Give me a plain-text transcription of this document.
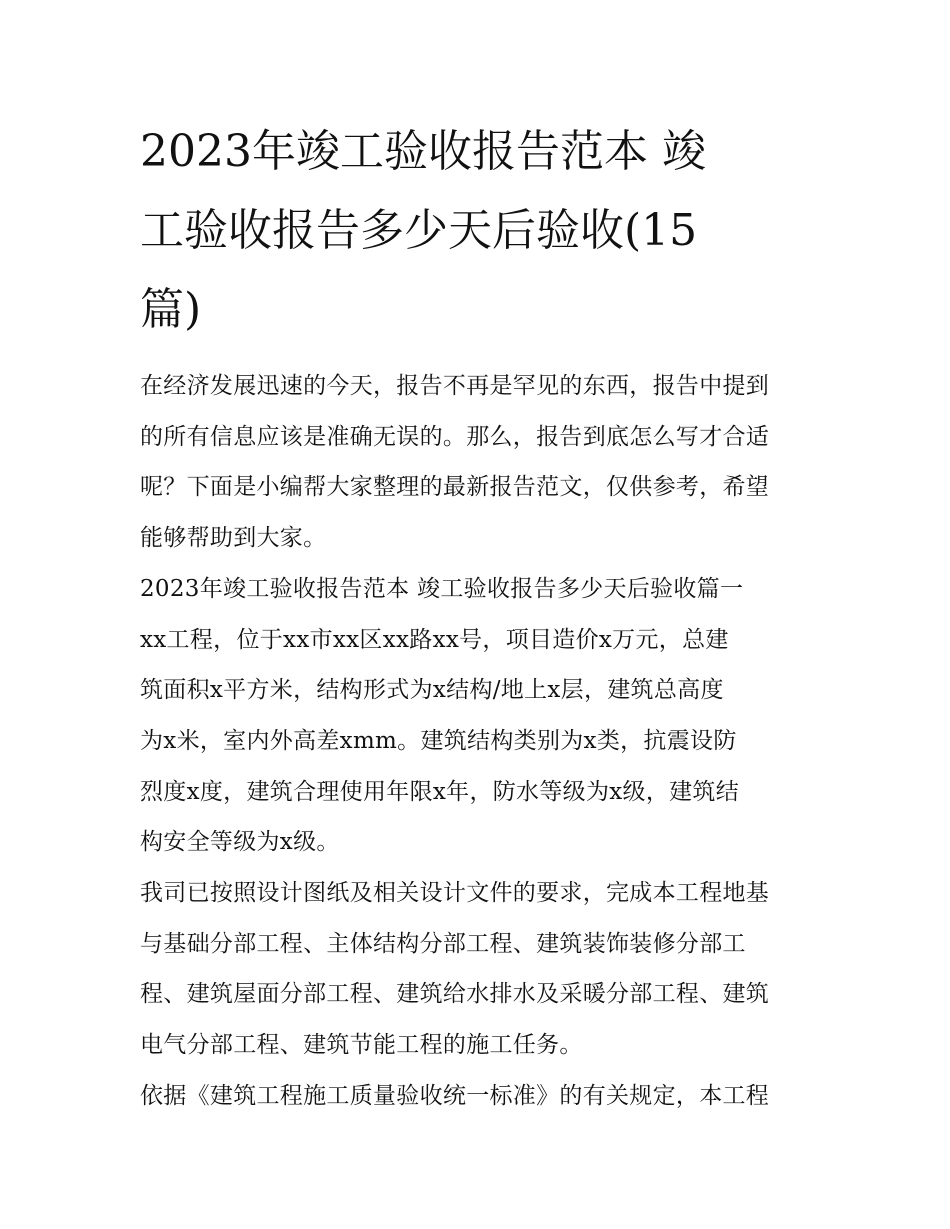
2023年竣工验收报告范本 竣
工验收报告多少天后验收(15
篇)
在经济发展迅速的今天，报告不再是罕见的东西，报告中提到
的所有信息应该是准确无误的。那么，报告到底怎么写才合适
呢？下面是小编帮大家整理的最新报告范文，仅供参考，希望
能够帮助到大家。
2023年竣工验收报告范本 竣工验收报告多少天后验收篇一
xx工程，位于xx市xx区xx路xx号，项目造价x万元，总建
筑面积x平方米，结构形式为x结构/地上x层，建筑总高度
为x米，室内外高差xmm。建筑结构类别为x类，抗震设防
烈度x度，建筑合理使用年限x年，防水等级为x级，建筑结
构安全等级为x级。
我司已按照设计图纸及相关设计文件的要求，完成本工程地基
与基础分部工程、主体结构分部工程、建筑装饰装修分部工
程、建筑屋面分部工程、建筑给水排水及采暖分部工程、建筑
电气分部工程、建筑节能工程的施工任务。
依据《建筑工程施工质量验收统一标准》的有关规定，本工程
